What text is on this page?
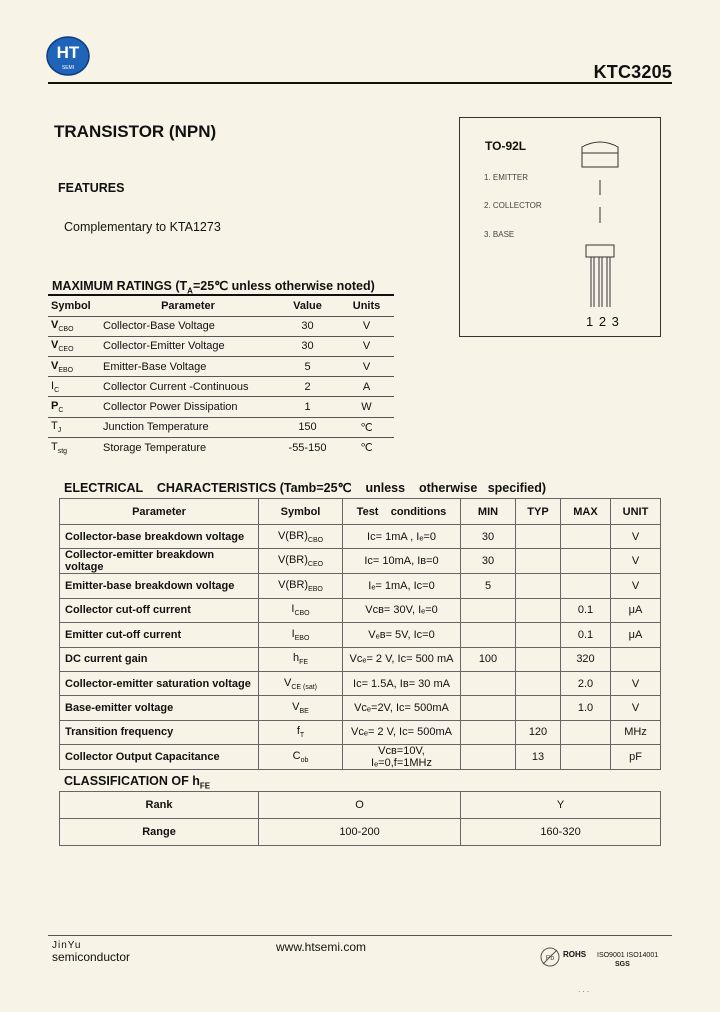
HT
SEMI	KTC3205
TRANSISTOR (NPN)
FEATURES
Complementary to KTA1273
TO-92L
1. EMITTER
2. COLLECTOR
3. BASE
1 2 3
MAXIMUM RATINGS ($T_A=25℃$ unless otherwise noted)
Symbol	Parameter	Value	Units
$V_{CBO}$	Collector-Base Voltage	30	V
$V_{CEO}$	Collector-Emitter Voltage	30	V
$V_{EBO}$	Emitter-Base Voltage	5	V
$I_C$	Collector Current -Continuous	2	A
$P_C$	Collector Power Dissipation	1	W
$T_J$	Junction Temperature	150	℃
$T_{stg}$	Storage Temperature	-55-150	℃
ELECTRICAL    CHARACTERISTICS (Tamb=25℃    unless    otherwise   specified)
Parameter	Symbol	Test    conditions	MIN	TYP	MAX	UNIT
Collector-base breakdown voltage	$V(BR)_{CBO}$	Ic= 1mA , Iₑ=0	30			V
Collector-emitter breakdown voltage	$V(BR)_{CEO}$	Iᴄ= 10mA, Iʙ=0	30			V
Emitter-base breakdown voltage	$V(BR)_{EBO}$	Iₑ= 1mA, Iᴄ=0	5			V
Collector cut-off current	$I_{CBO}$	Vᴄʙ= 30V, Iₑ=0			0.1	μA
Emitter cut-off current	$I_{EBO}$	Vₑʙ= 5V, Iᴄ=0			0.1	μA
DC current gain	$h_{FE}$	Vᴄₑ= 2 V, Iᴄ= 500 mA	100		320	
Collector-emitter saturation voltage	$V_{CE (sat)}$	Iᴄ= 1.5A, Iʙ= 30 mA			2.0	V
Base-emitter voltage	$V_{BE}$	Vᴄₑ=2V, Iᴄ= 500mA			1.0	V
Transition frequency	$f_T$	Vᴄₑ= 2 V, Iᴄ= 500mA		120		MHz
Collector Output Capacitance	$C_{ob}$	Vᴄʙ=10V, Iₑ=0,f=1MHz		13		pF
CLASSIFICATION OF $h_{FE}$
Rank	O	Y
Range	100-200	160-320
JinYu
semiconductor
www.htsemi.com
Pb ROHS ISO9001 ISO14001
SGS
. . .
